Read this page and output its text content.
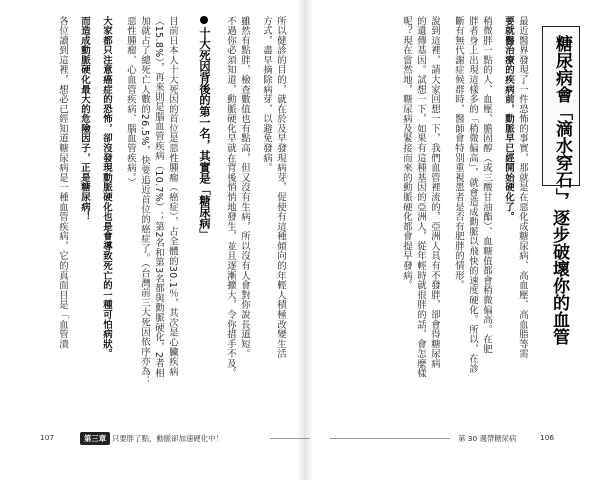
糖尿病會「滴水穿石」
，逐步破壞你的血管
最近醫界發現了一件恐怖的事實，那就是在惡化成糖尿病、高血壓、高血脂等需
要就醫治療的疾病前，動脈早已經開始硬化了。
稍微胖一點的人、血壓、膽固醇（或三酸甘油酯）、血糖值都會稍微偏高。在肥
胖者身上出現這樣多的「稍微偏高」，就會造成動脈以飛快的速度硬化。所以，在診
斷有無代謝症候群時，醫師會特別重視患者是否有肥胖的情形。
說到這裡，請大家回想一下，我們血管裡流的，亞洲人具有不發胖，卻會得糖尿病
的遺傳基因。試想一下，如果有這種基因的亞洲人，從年輕時就很胖的話，會怎麼樣
呢？現在當然地，糖尿病及緊接而來的動脈硬化都會提早發病。
所以健診的目的，就在於及早發現病芽，促使有這種傾向的年輕人積極改變生活
方式，盡早摘除病芽，以避免發病。
雖然有點胖，檢查數值也有點高，但又沒有生病，所以沒有人會對你說長道短。
不過你必須知道，動脈硬化早就在背後悄悄地發生，並且逐漸擴大，令你措手不及。
十大死因背後的第一名，其實是「糖尿病」
目前日本人十大死因的首位是惡性腫瘤（癌症），占全體的30.1％，其次是心臟疾病
（15.8%），再來則是腦血管疾病（10.7%）；第2名和第3名都與動脈硬化，2者相
加就占了總死亡人數的26.5%，快要追近首位的癌症了。（台灣前三大死因依序亦為：
惡性腫瘤、心血管疾病、腦血管疾病。）
大家都只注意癌症的恐怖，卻沒發現動脈硬化也是會導致死亡的一種可怕病狀。
而造成動脈硬化最大的危險因子，正是糖尿病！
各位讀到這裡，想必已經知道糖尿病是一種血管疾病，它的真面目是「血管潰
107	第三章 只要胖了點，動脈卻加速硬化中！	第 30 週帶糖尿病	106
